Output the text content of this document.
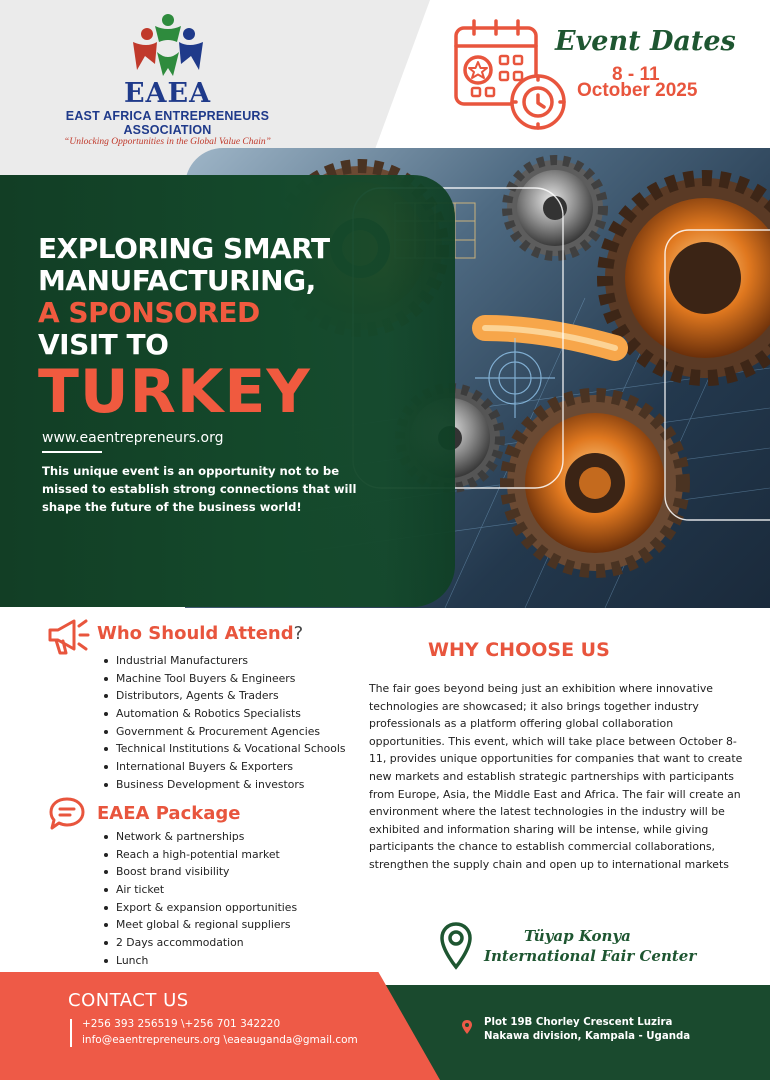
EAEA
EAST AFRICA ENTREPRENEURS ASSOCIATION
“Unlocking Opportunities in the Global Value Chain”
Event Dates
8 - 11
October 2025
EXPLORING SMART
MANUFACTURING,
A SPONSORED
VISIT TO
TURKEY
www.eaentrepreneurs.org

This unique event is an opportunity not to be missed to establish strong connections that will shape the future of the business world!

Who Should Attend?
Industrial Manufacturers
Machine Tool Buyers & Engineers
Distributors, Agents & Traders
Automation & Robotics Specialists
Government & Procurement Agencies
Technical Institutions & Vocational Schools
International Buyers & Exporters
Business Development & investors
EAEA Package
Network & partnerships
Reach a high-potential market
Boost brand visibility
Air ticket
Export & expansion opportunities
Meet global & regional suppliers
2 Days accommodation
Lunch
WHY CHOOSE US

The fair goes beyond being just an exhibition where innovative technologies are showcased; it also brings together industry professionals as a platform offering global collaboration opportunities. This event, which will take place between October 8-11, provides unique opportunities for companies that want to create new markets and establish strategic partnerships with participants from Europe, Asia, the Middle East and Africa. The fair will create an environment where the latest technologies in the industry will be exhibited and information sharing will be intense, while giving participants the chance to establish commercial collaborations, strengthen the supply chain and open up to international markets

Tüyap Konya
International Fair Center
CONTACT US
+256 393 256519 \+256 701 342220
info@eaentrepreneurs.org \eaeauganda@gmail.com
Plot 19B Chorley Crescent Luzira
Nakawa division, Kampala - Uganda
